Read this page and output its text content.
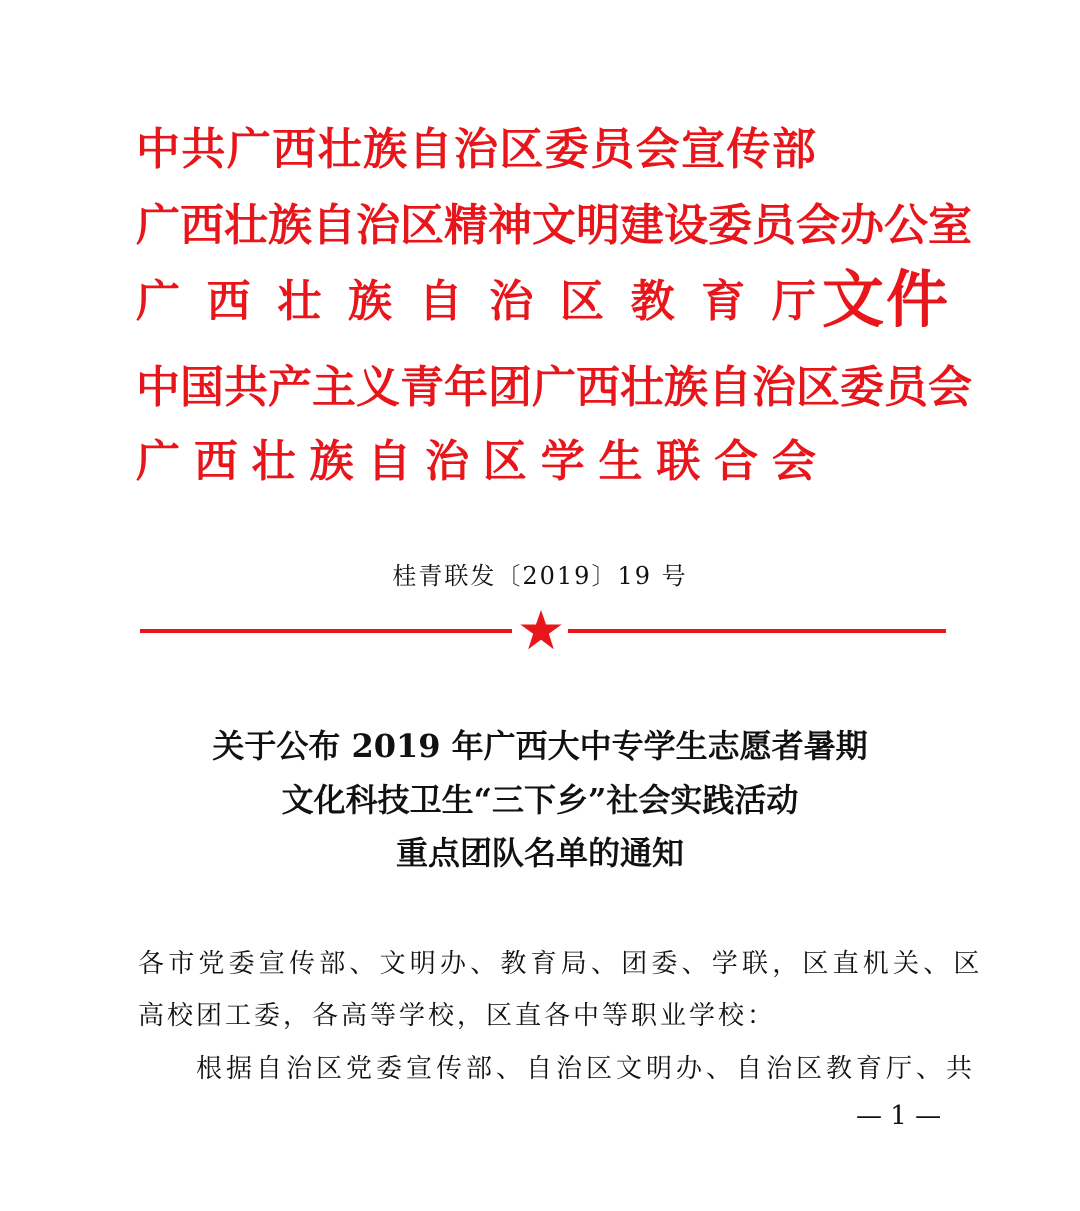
中 共 广 西 壮 族 自 治 区 委 员 会 宣 传 部
广 西 壮 族 自 治 区 精 神 文 明 建 设 委 员 会 办 公 室
广 西 壮 族 自 治 区 教 育 厅
中 国 共 产 主 义 青 年 团 广 西 壮 族 自 治 区 委 员 会
广 西 壮 族 自 治 区 学 生 联 合 会
文件
桂青联发〔2019〕19 号
关于公布 2019 年广西大中专学生志愿者暑期
文化科技卫生“三下乡”社会实践活动
重点团队名单的通知
各市党委宣传部、文明办、教育局、团委、学联，区直机关、区
高校团工委，各高等学校，区直各中等职业学校：
根据自治区党委宣传部、自治区文明办、自治区教育厅、共
— 1 —
